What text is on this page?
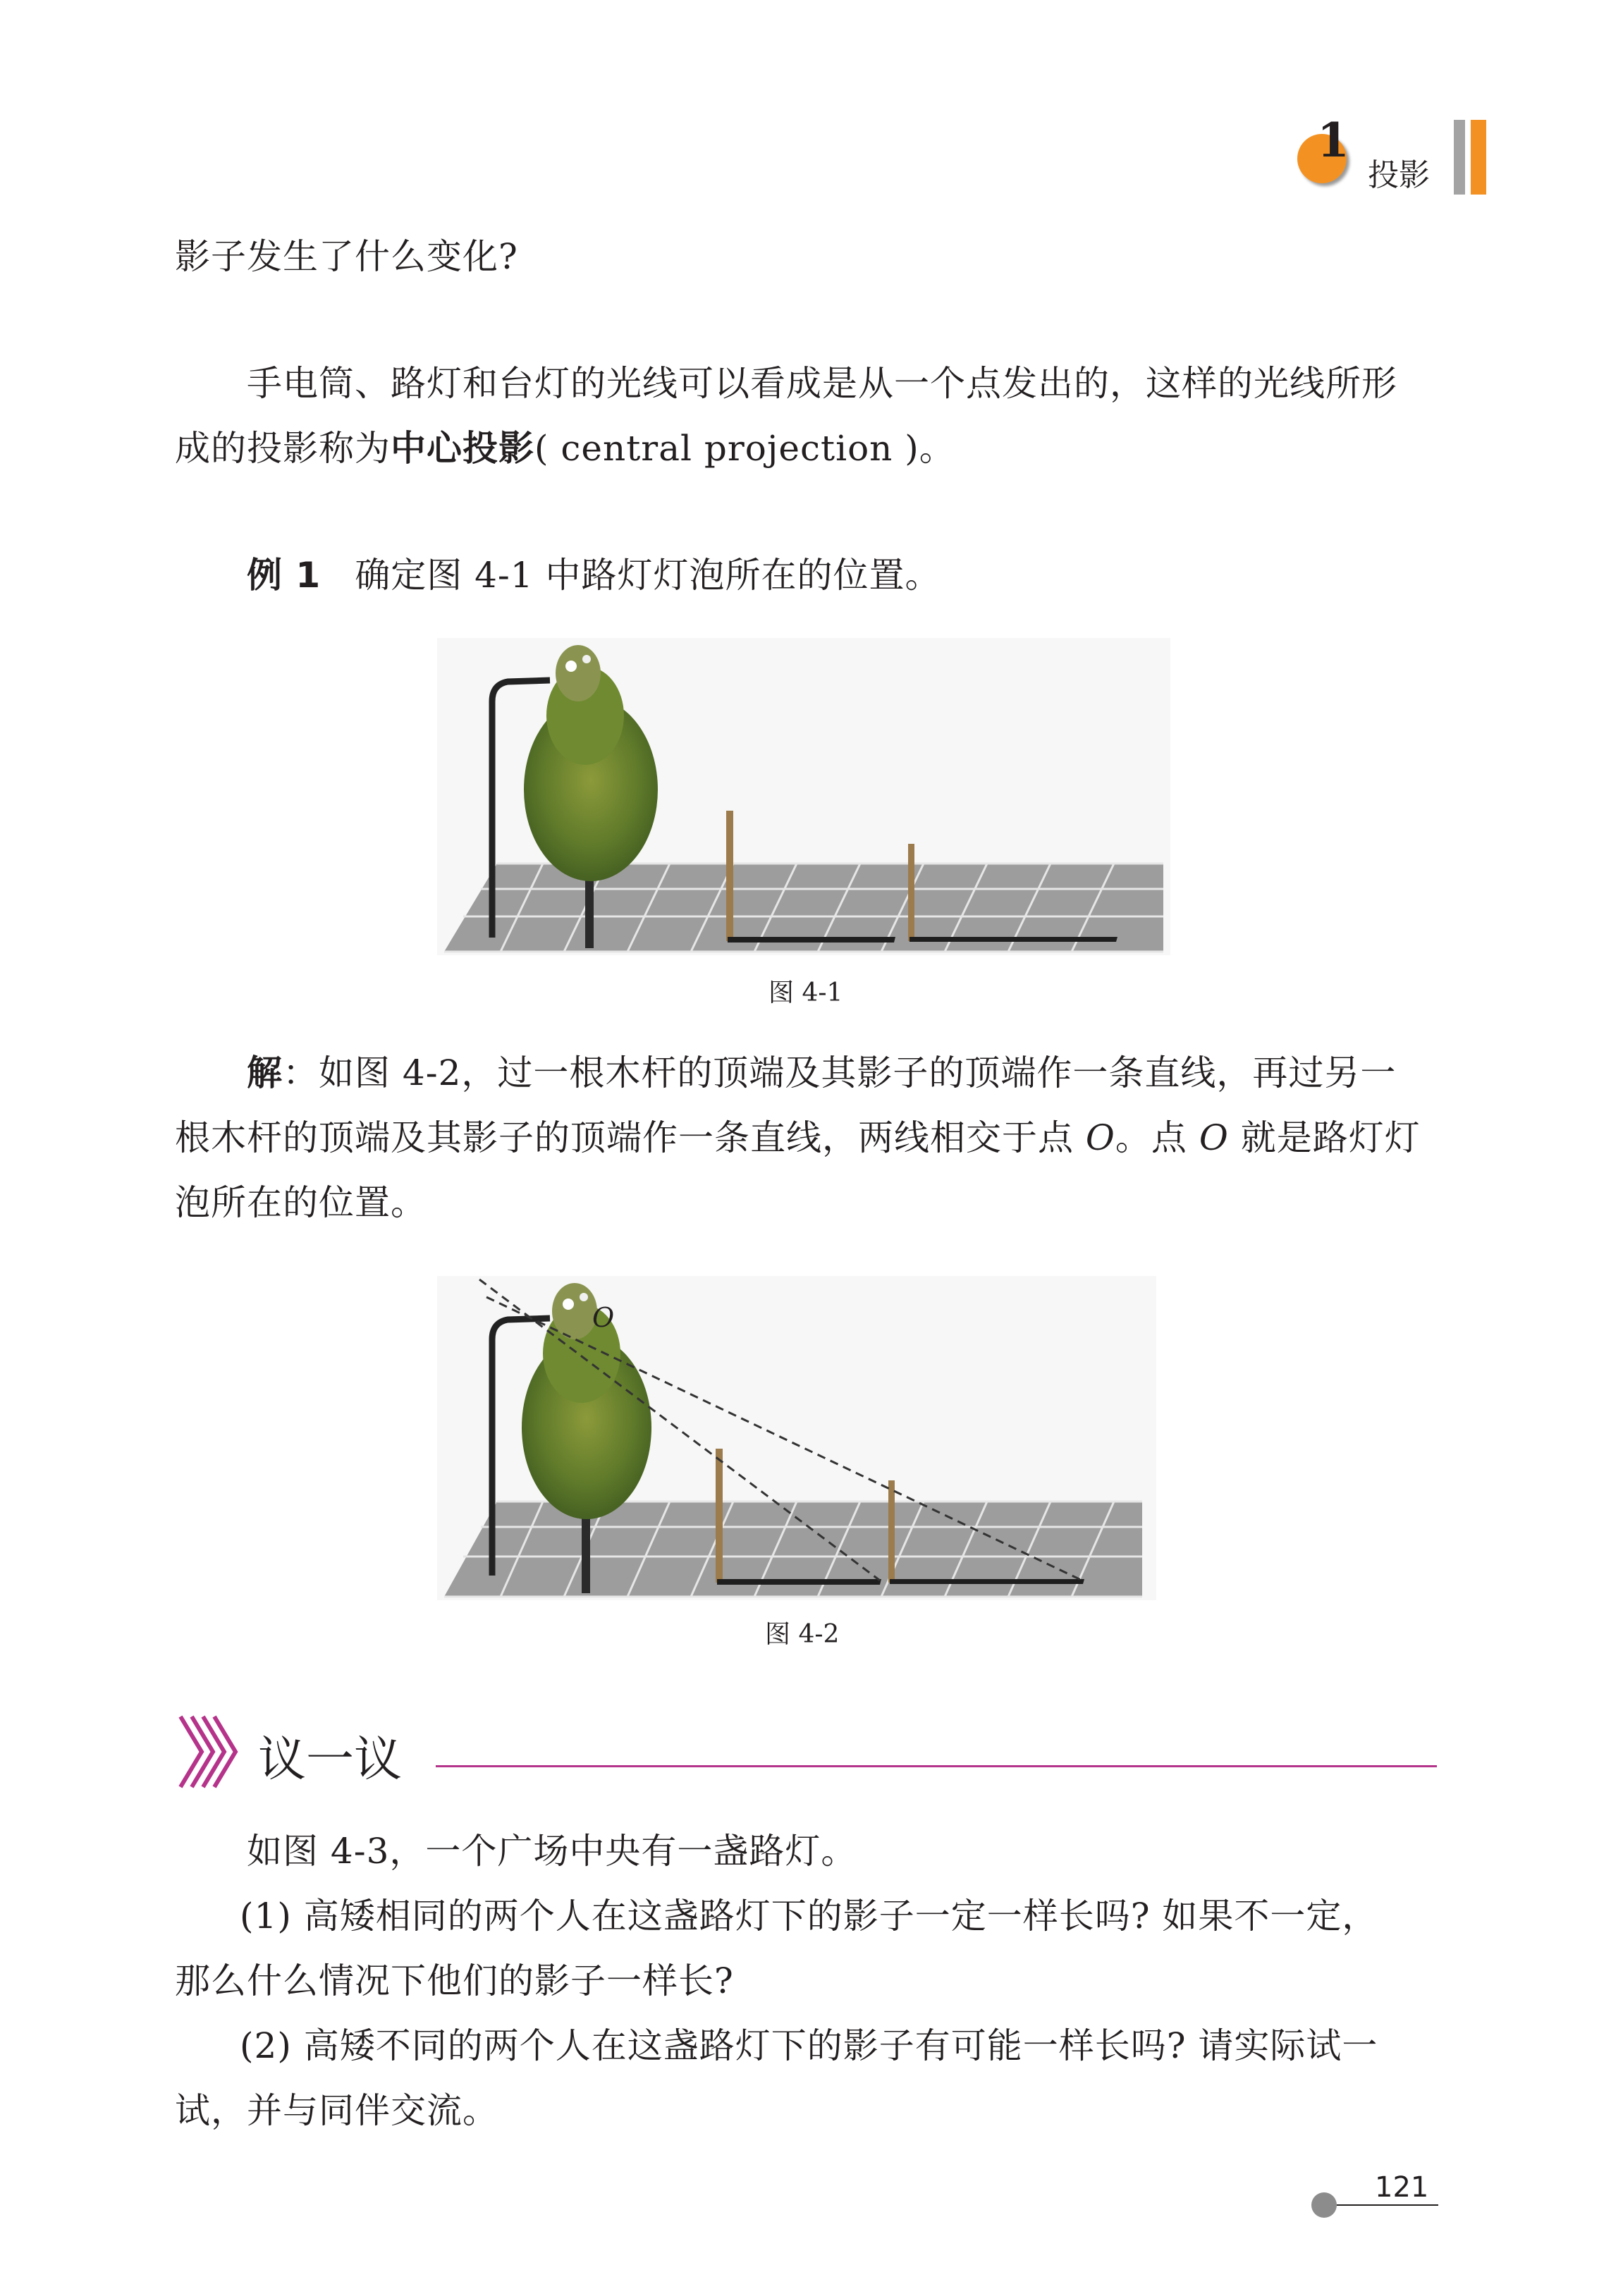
1
投影
影子发生了什么变化?
手电筒、路灯和台灯的光线可以看成是从一个点发出的，这样的光线所形
成的投影称为中心投影( central projection )。
例 1 确定图 4-1 中路灯灯泡所在的位置。
图 4-1
解：如图 4-2，过一根木杆的顶端及其影子的顶端作一条直线，再过另一
根木杆的顶端及其影子的顶端作一条直线，两线相交于点 O。点 O 就是路灯灯
泡所在的位置。
O
图 4-2
议一议
如图 4-3，一个广场中央有一盏路灯。
(1) 高矮相同的两个人在这盏路灯下的影子一定一样长吗? 如果不一定，
那么什么情况下他们的影子一样长?
(2) 高矮不同的两个人在这盏路灯下的影子有可能一样长吗? 请实际试一
试，并与同伴交流。
121
